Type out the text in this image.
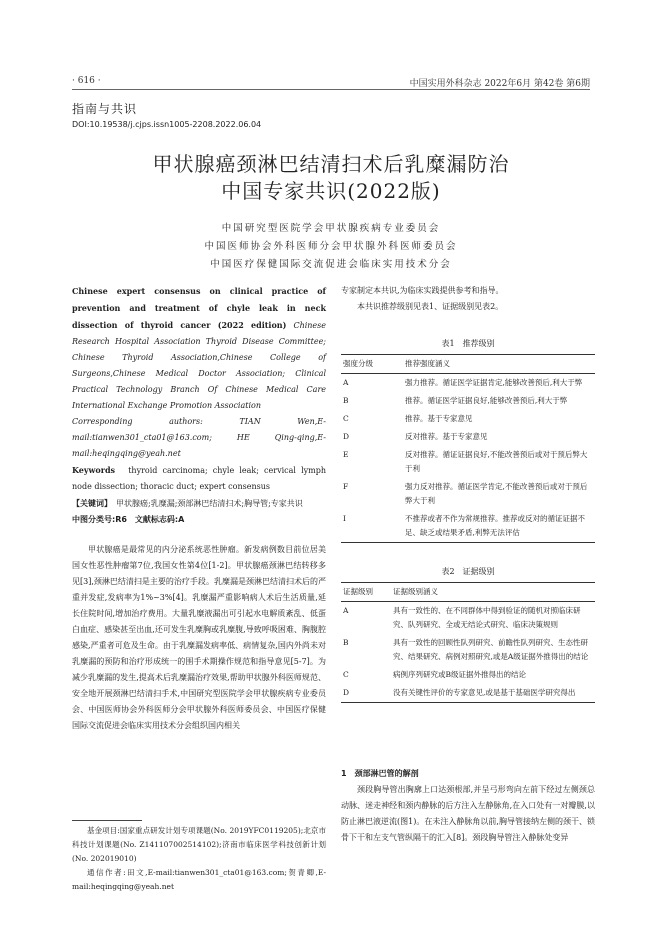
· 616 ·	中国实用外科杂志 2022年6月 第42卷 第6期
指南与共识
DOI:10.19538/j.cjps.issn1005-2208.2022.06.04
甲状腺癌颈淋巴结清扫术后乳糜漏防治
中国专家共识(2022版)
中国研究型医院学会甲状腺疾病专业委员会
中国医师协会外科医师分会甲状腺外科医师委员会
中国医疗保健国际交流促进会临床实用技术分会
Chinese expert consensus on clinical practice of prevention and treatment of chyle leak in neck dissection of thyroid cancer (2022 edition) Chinese Research Hospital Association Thyroid Disease Committee; Chinese Thyroid Association,Chinese College of Surgeons,Chinese Medical Doctor Association; Clinical Practical Technology Branch Of Chinese Medical Care International Exchange Promotion Association
Corresponding authors: TIAN Wen,E-mail:tianwen301_cta01@163.com; HE Qing-qing,E-mail:heqingqing@yeah.net
Keywords　 thyroid carcinoma; chyle leak; cervical lymph node dissection; thoracic duct; expert consensus
【关键词】　 甲状腺癌;乳糜漏;颈部淋巴结清扫术;胸导管;专家共识
中图分类号:R6　文献标志码:A
甲状腺癌是最常见的内分泌系统恶性肿瘤。新发病例数目前位居美国女性恶性肿瘤第7位,我国女性第4位[1-2]。甲状腺癌颈淋巴结转移多见[3],颈淋巴结清扫是主要的治疗手段。乳糜漏是颈淋巴结清扫术后的严重并发症,发病率为1%~3%[4]。乳糜漏严重影响病人术后生活质量,延长住院时间,增加治疗费用。大量乳糜液漏出可引起水电解质紊乱、低蛋白血症、感染甚至出血,还可发生乳糜胸或乳糜腹,导致呼吸困难、胸腹腔感染,严重者可危及生命。由于乳糜漏发病率低、病情复杂,国内外尚未对乳糜漏的预防和治疗形成统一的围手术期操作规范和指导意见[5-7]。为减少乳糜漏的发生,提高术后乳糜漏治疗效果,帮助甲状腺外科医师规范、安全地开展颈淋巴结清扫手术,中国研究型医院学会甲状腺疾病专业委员会、中国医师协会外科医师分会甲状腺外科医师委员会、中国医疗保健国际交流促进会临床实用技术分会组织国内相关
基金项目:国家重点研发计划专项课题(No. 2019YFC0119205);北京市科技计划课题(No. Z141107002514102);济南市临床医学科技创新计划(No. 202019010)
通信作者:田文,E-mail:tianwen301_cta01@163.com;贺青卿,E-mail:heqingqing@yeah.net
专家制定本共识,为临床实践提供参考和指导。
本共识推荐级别见表1、证据级别见表2。
表1　推荐级别
强度分级	推荐强度涵义
A	强力推荐。循证医学证据肯定,能够改善预后,利大于弊
B	推荐。循证医学证据良好,能够改善预后,利大于弊
C	推荐。基于专家意见
D	反对推荐。基于专家意见
E	反对推荐。循证证据良好,不能改善预后或对于预后弊大于利
F	强力反对推荐。循证医学肯定,不能改善预后或对于预后弊大于利
I	不推荐或者不作为常规推荐。推荐或反对的循证证据不足、缺乏或结果矛盾,利弊无法评估
表2　证据级别
证据级别	证据级别涵义
A	具有一致性的、在不同群体中得到验证的随机对照临床研究、队列研究、全或无结论式研究、临床决策规则
B	具有一致性的回顾性队列研究、前瞻性队列研究、生态性研究、结果研究、病例对照研究,或是A级证据外推得出的结论
C	病例序列研究或B级证据外推得出的结论
D	没有关键性评价的专家意见,或是基于基础医学研究得出
1　颈部淋巴管的解剖
颈段胸导管出胸廓上口达颈根部,并呈弓形弯向左前下经过左侧颈总动脉、迷走神经和颈内静脉的后方注入左静脉角,在入口处有一对瓣膜,以防止淋巴液逆流(图1)。在未注入静脉角以前,胸导管接纳左侧的颈干、锁骨下干和左支气管纵隔干的汇入[8]。颈段胸导管注入静脉处变异
